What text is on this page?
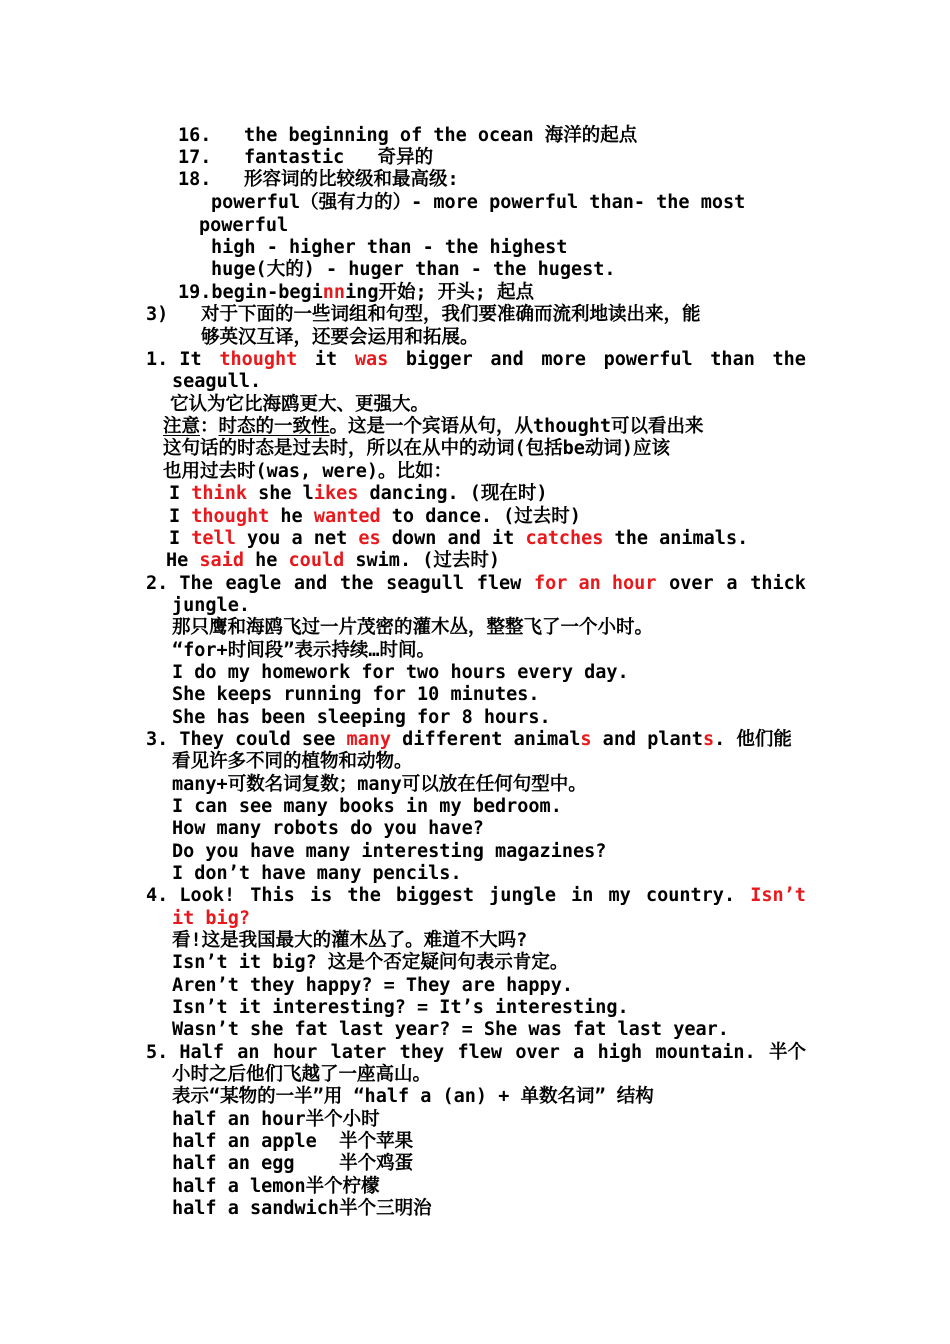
16. the beginning of the ocean 海洋的起点
17. fantastic   奇异的
18. 形容词的比较级和最高级:
powerful（强有力的）- more powerful than- the most
powerful
high - higher than - the highest
huge(大的) - huger than - the hugest.
19.begin-beginning开始; 开头; 起点
3) 对于下面的一些词组和句型，我们要准确而流利地读出来，能
够英汉互译，还要会运用和拓展。
1. It thought it was bigger and more powerful than the
seagull.
它认为它比海鸥更大、更强大。
注意：时态的一致性。这是一个宾语从句，从thought可以看出来
这句话的时态是过去时，所以在从中的动词(包括be动词)应该
也用过去时(was, were)。比如：
I think she likes dancing. (现在时)
I thought he wanted to dance. (过去时)
I tell you a net es down and it catches the animals.
He said he could swim. (过去时)
2. The eagle and the seagull flew for an hour over a thick
jungle.
那只鹰和海鸥飞过一片茂密的灌木丛，整整飞了一个小时。
“for+时间段”表示持续…时间。
I do my homework for two hours every day.
She keeps running for 10 minutes.
She has been sleeping for 8 hours.
3. They could see many different animals and plants. 他们能
看见许多不同的植物和动物。
many+可数名词复数；many可以放在任何句型中。
I can see many books in my bedroom.
How many robots do you have?
Do you have many interesting magazines?
I don’t have many pencils.
4. Look! This is the biggest jungle in my country. Isn’t
it big?
看!这是我国最大的灌木丛了。难道不大吗?
Isn’t it big? 这是个否定疑问句表示肯定。
Aren’t they happy? = They are happy.
Isn’t it interesting? = It’s interesting.
Wasn’t she fat last year? = She was fat last year.
5. Half an hour later they flew over a high mountain. 半个
小时之后他们飞越了一座高山。
表示“某物的一半”用 “half a (an) + 单数名词” 结构
half an hour半个小时
half an apple  半个苹果
half an egg    半个鸡蛋
half a lemon半个柠檬
half a sandwich半个三明治
